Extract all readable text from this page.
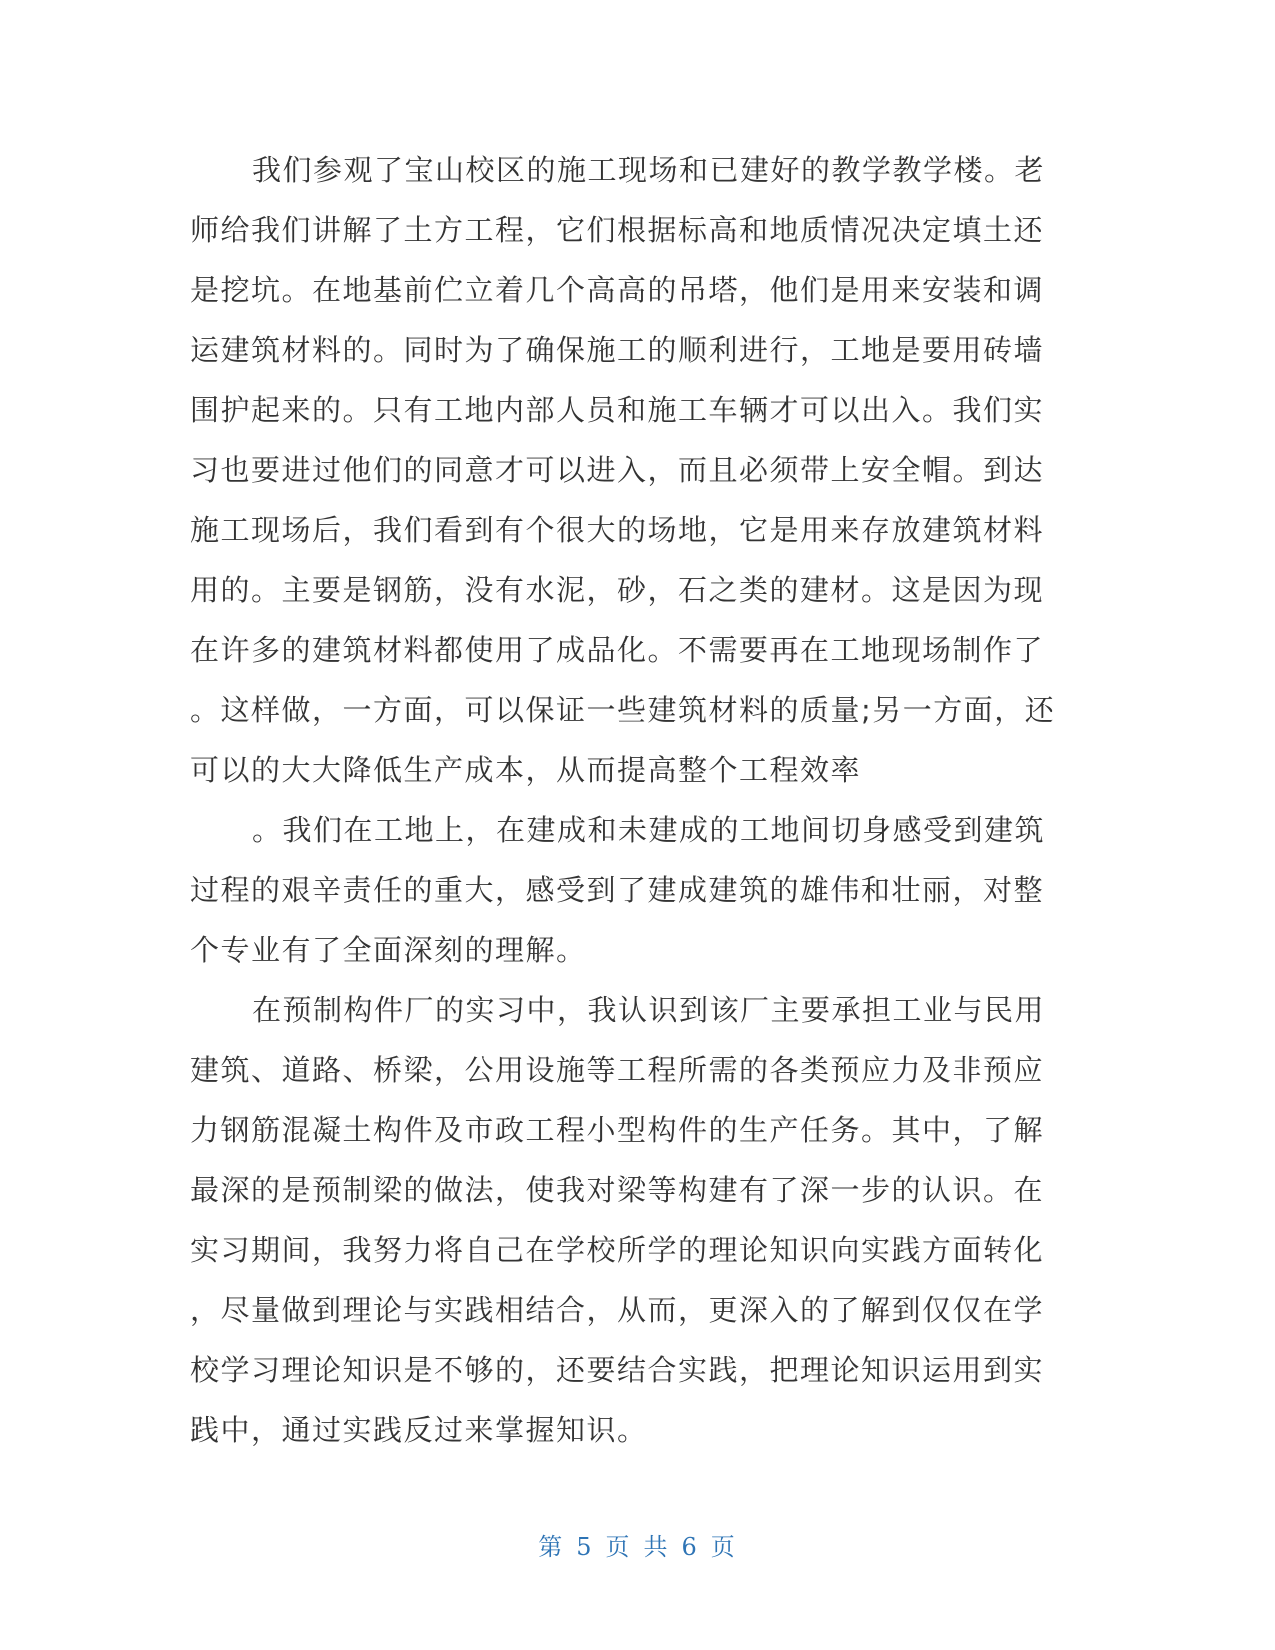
我们参观了宝山校区的施工现场和已建好的教学教学楼。老
师给我们讲解了土方工程，它们根据标高和地质情况决定填土还
是挖坑。在地基前伫立着几个高高的吊塔，他们是用来安装和调
运建筑材料的。同时为了确保施工的顺利进行，工地是要用砖墙
围护起来的。只有工地内部人员和施工车辆才可以出入。我们实
习也要进过他们的同意才可以进入，而且必须带上安全帽。到达
施工现场后，我们看到有个很大的场地，它是用来存放建筑材料
用的。主要是钢筋，没有水泥，砂，石之类的建材。这是因为现
在许多的建筑材料都使用了成品化。不需要再在工地现场制作了
。这样做，一方面，可以保证一些建筑材料的质量;另一方面，还
可以的大大降低生产成本，从而提高整个工程效率
。我们在工地上，在建成和未建成的工地间切身感受到建筑
过程的艰辛责任的重大，感受到了建成建筑的雄伟和壮丽，对整
个专业有了全面深刻的理解。
在预制构件厂的实习中，我认识到该厂主要承担工业与民用
建筑、道路、桥梁，公用设施等工程所需的各类预应力及非预应
力钢筋混凝土构件及市政工程小型构件的生产任务。其中，了解
最深的是预制梁的做法，使我对梁等构建有了深一步的认识。在
实习期间，我努力将自己在学校所学的理论知识向实践方面转化
，尽量做到理论与实践相结合，从而，更深入的了解到仅仅在学
校学习理论知识是不够的，还要结合实践，把理论知识运用到实
践中，通过实践反过来掌握知识。
第 5 页 共 6 页
